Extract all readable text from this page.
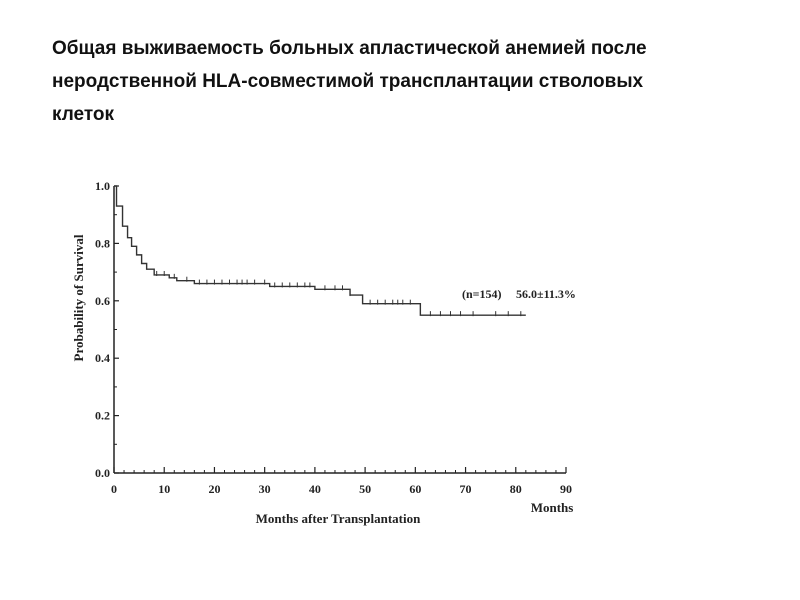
Общая выживаемость больных апластической анемией после
неродственной HLA-совместимой трансплантации стволовых
клеток
0.0
0.2
0.4
0.6
0.8
1.0
0	10	20	30	40	50	60	70	80	90
Probability of Survival
Months after Transplantation
Months
(n=154) 56.0±11.3%
